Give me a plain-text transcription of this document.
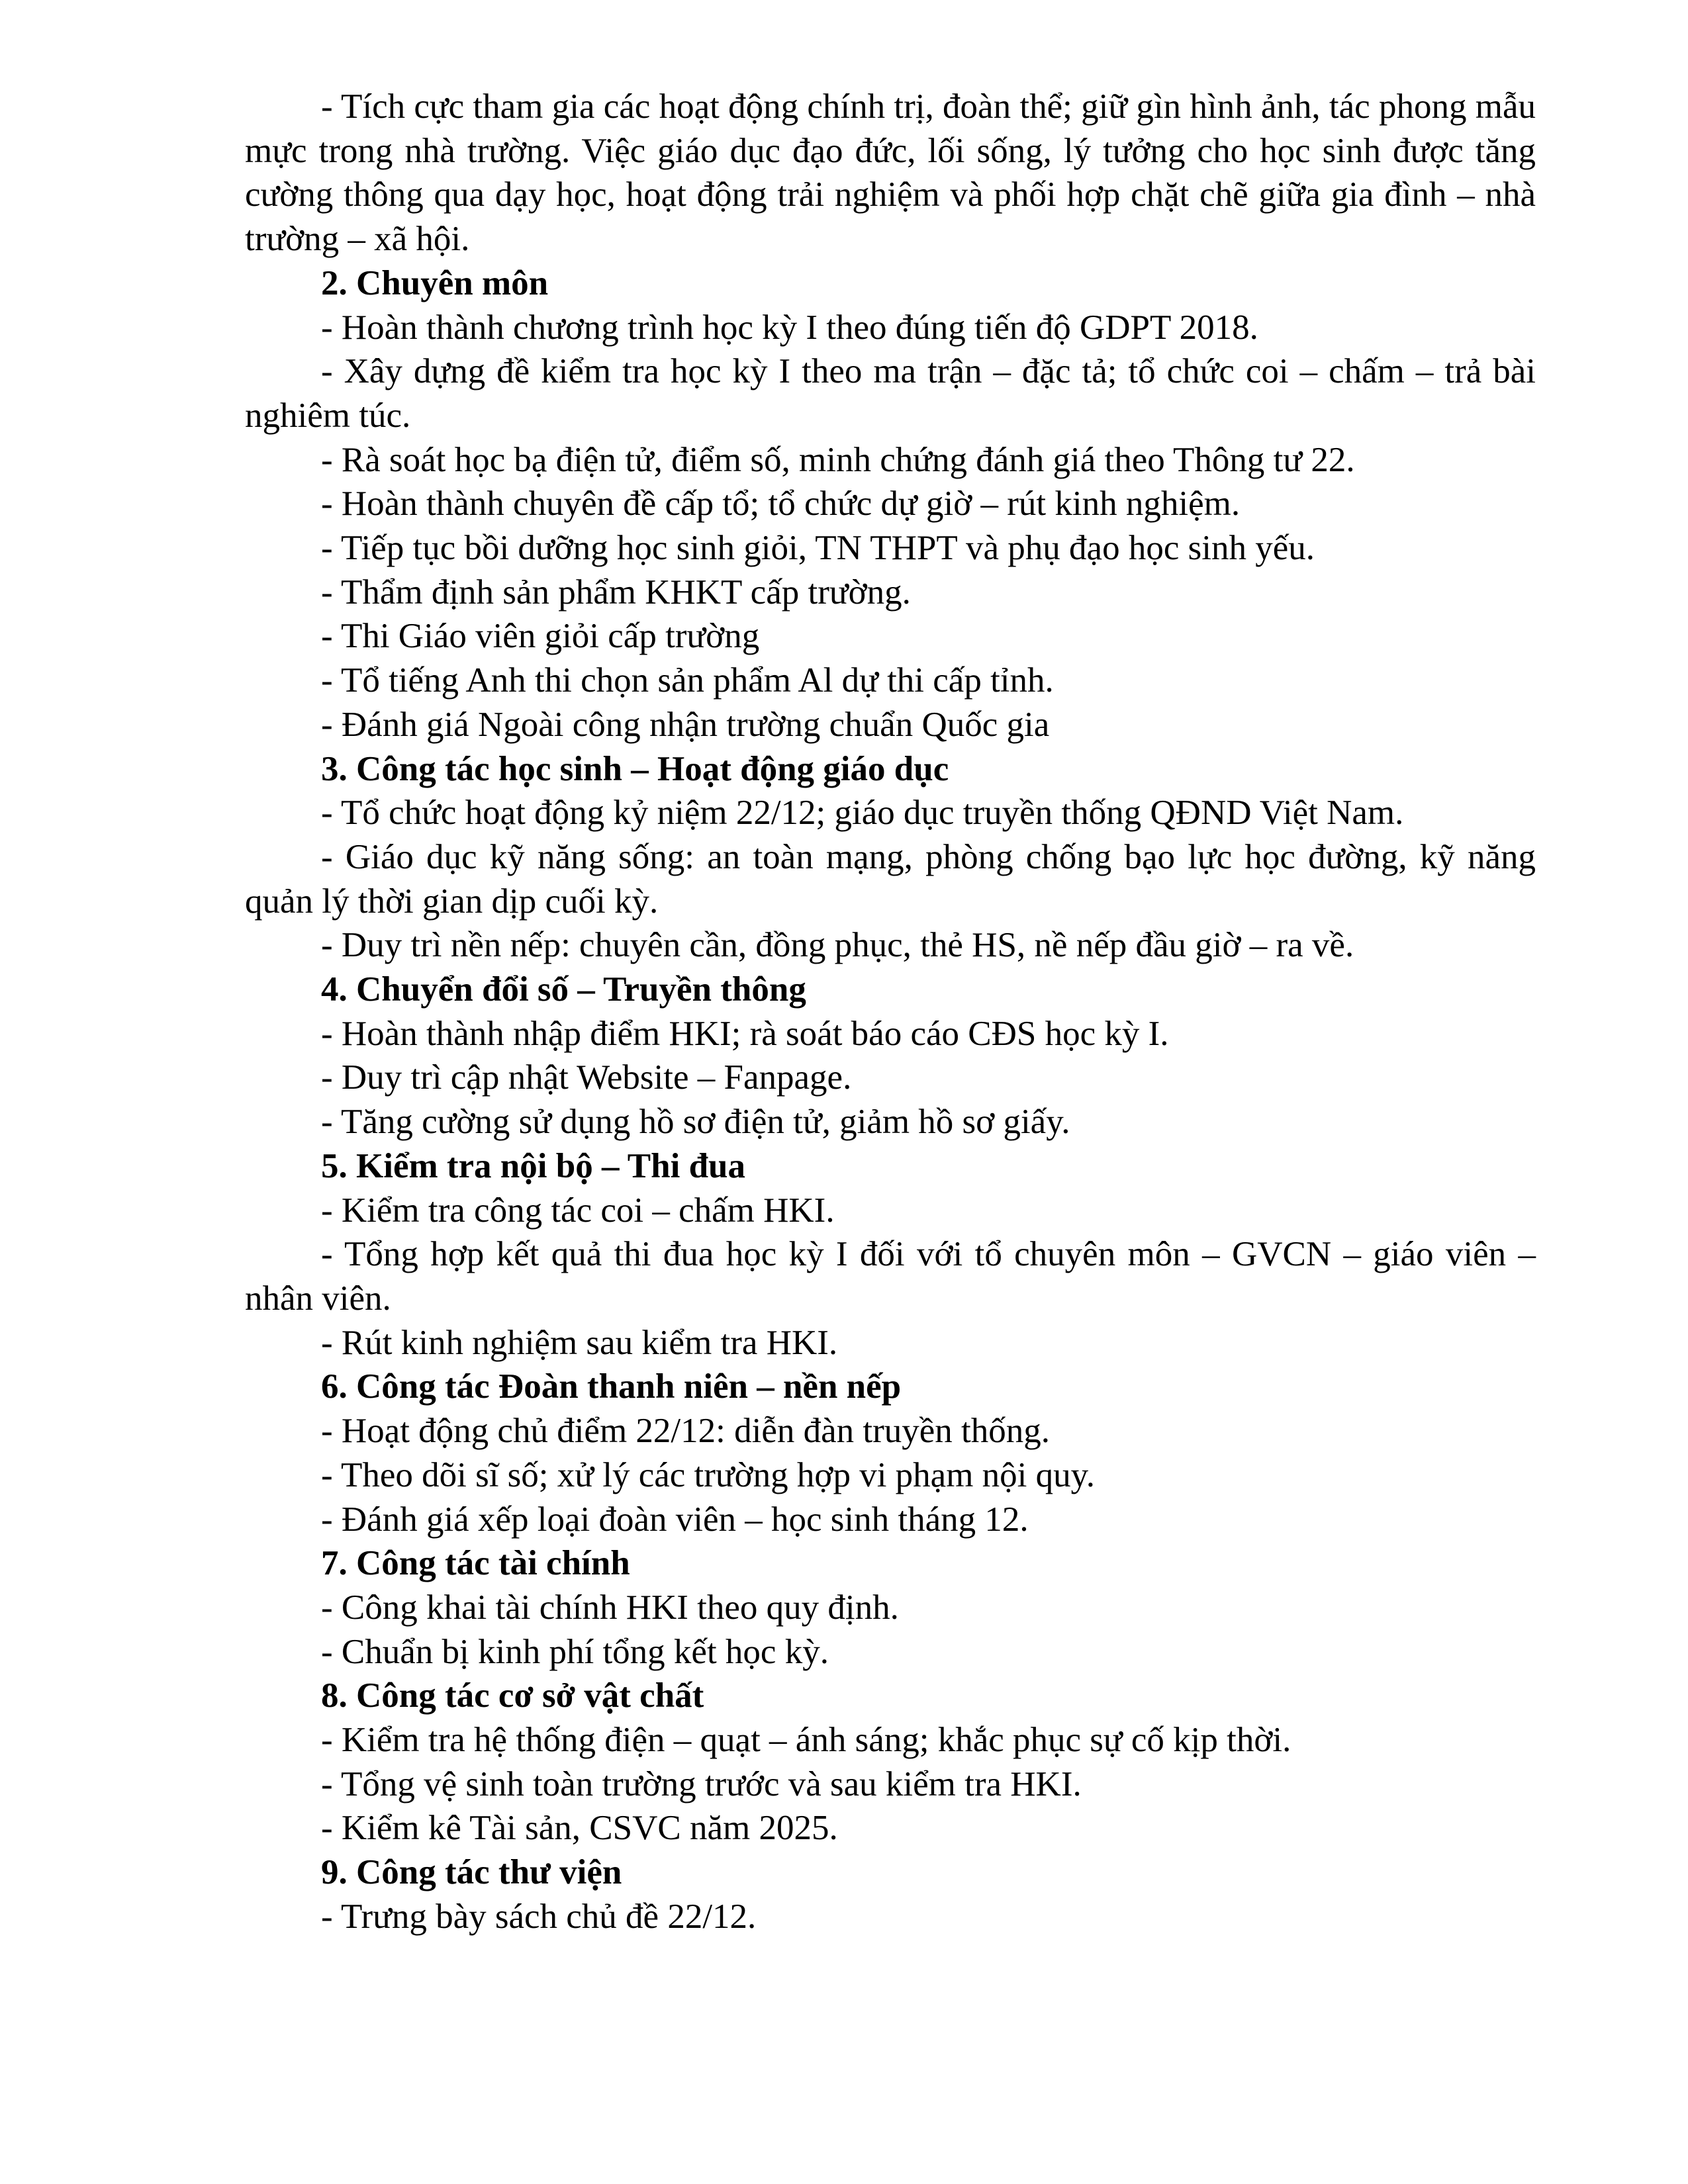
- Tích cực tham gia các hoạt động chính trị, đoàn thể; giữ gìn hình ảnh, tác phong mẫu mực trong nhà trường. Việc giáo dục đạo đức, lối sống, lý tưởng cho học sinh được tăng cường thông qua dạy học, hoạt động trải nghiệm và phối hợp chặt chẽ giữa gia đình – nhà trường – xã hội.

2. Chuyên môn

- Hoàn thành chương trình học kỳ I theo đúng tiến độ GDPT 2018.

- Xây dựng đề kiểm tra học kỳ I theo ma trận – đặc tả; tổ chức coi – chấm – trả bài nghiêm túc.

- Rà soát học bạ điện tử, điểm số, minh chứng đánh giá theo Thông tư 22.

- Hoàn thành chuyên đề cấp tổ; tổ chức dự giờ – rút kinh nghiệm.

- Tiếp tục bồi dưỡng học sinh giỏi, TN THPT và phụ đạo học sinh yếu.

- Thẩm định sản phẩm KHKT cấp trường.

- Thi Giáo viên giỏi cấp trường

- Tổ tiếng Anh thi chọn sản phẩm Al dự thi cấp tỉnh.

- Đánh giá Ngoài công nhận trường chuẩn Quốc gia

3. Công tác học sinh – Hoạt động giáo dục

- Tổ chức hoạt động kỷ niệm 22/12; giáo dục truyền thống QĐND Việt Nam.

- Giáo dục kỹ năng sống: an toàn mạng, phòng chống bạo lực học đường, kỹ năng quản lý thời gian dịp cuối kỳ.

- Duy trì nền nếp: chuyên cần, đồng phục, thẻ HS, nề nếp đầu giờ – ra về.

4. Chuyển đổi số – Truyền thông

- Hoàn thành nhập điểm HKI; rà soát báo cáo CĐS học kỳ I.

- Duy trì cập nhật Website – Fanpage.

- Tăng cường sử dụng hồ sơ điện tử, giảm hồ sơ giấy.

5. Kiểm tra nội bộ – Thi đua

- Kiểm tra công tác coi – chấm HKI.

- Tổng hợp kết quả thi đua học kỳ I đối với tổ chuyên môn – GVCN – giáo viên –nhân viên.

- Rút kinh nghiệm sau kiểm tra HKI.

6. Công tác Đoàn thanh niên – nền nếp

- Hoạt động chủ điểm 22/12: diễn đàn truyền thống.

- Theo dõi sĩ số; xử lý các trường hợp vi phạm nội quy.

- Đánh giá xếp loại đoàn viên – học sinh tháng 12.

7. Công tác tài chính

- Công khai tài chính HKI theo quy định.

- Chuẩn bị kinh phí tổng kết học kỳ.

8. Công tác cơ sở vật chất

- Kiểm tra hệ thống điện – quạt – ánh sáng; khắc phục sự cố kịp thời.

- Tổng vệ sinh toàn trường trước và sau kiểm tra HKI.

- Kiểm kê Tài sản, CSVC năm 2025.

9. Công tác thư viện

- Trưng bày sách chủ đề 22/12.
